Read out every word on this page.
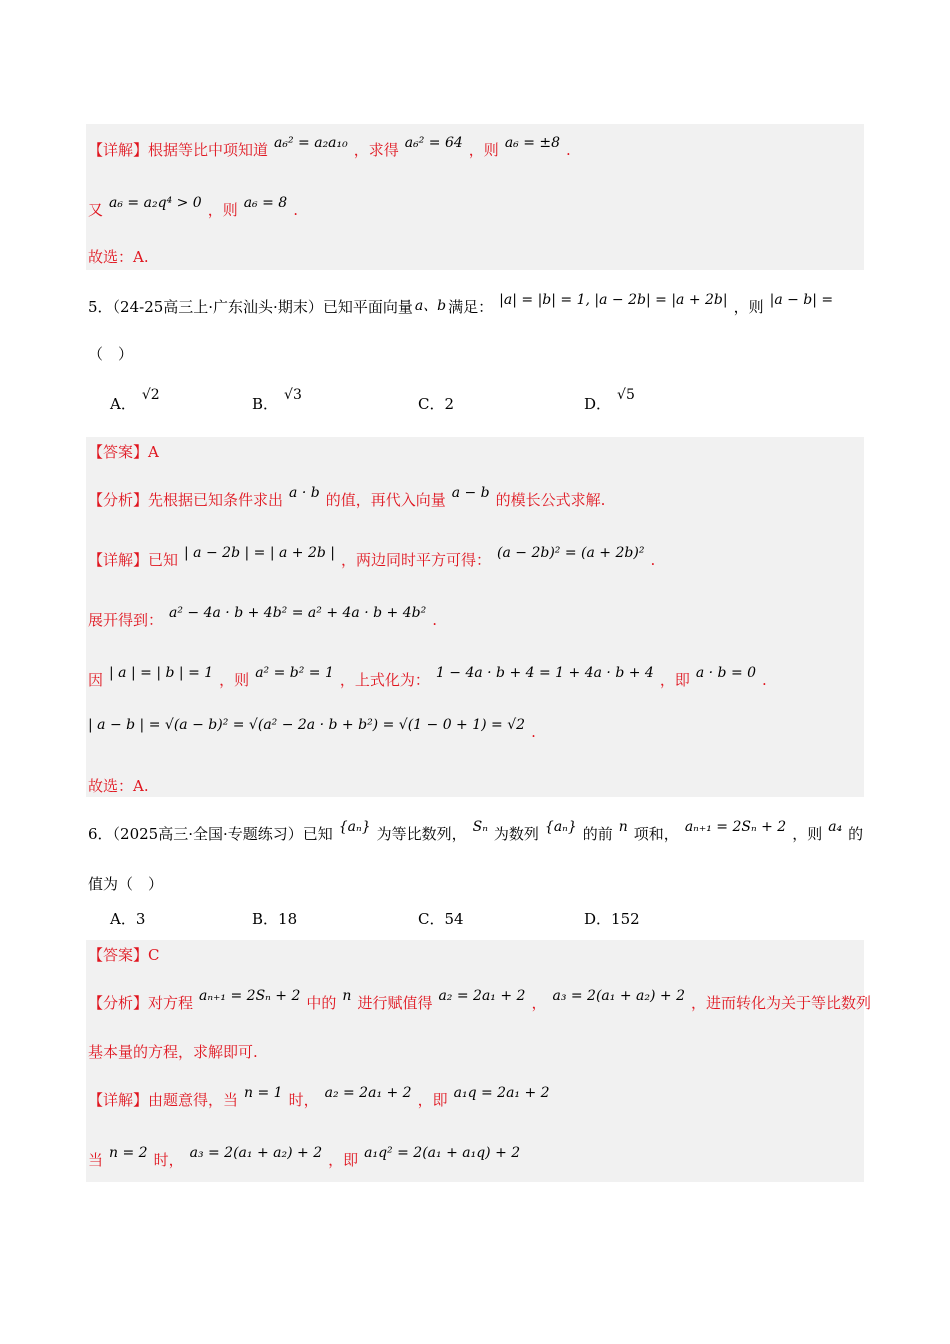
【详解】根据等比中项知道 a₆² = a₂a₁₀ ，求得 a₆² = 64 ，则 a₆ = ±8 .
又 a₆ = a₂q⁴ > 0 ，则 a₆ = 8 .
故选：A.
5．（24-25高三上·广东汕头·期末）已知平面向量 a、b 满足： |a| = |b| = 1, |a − 2b| = |a + 2b| ，则 |a − b| =
（　）
A． √2	B． √3	C．2	D． √5
【答案】A
【分析】先根据已知条件求出 a · b 的值，再代入向量 a − b 的模长公式求解.
【详解】已知 | a − 2b | = | a + 2b | ，两边同时平方可得： (a − 2b)² = (a + 2b)² .
展开得到： a² − 4a · b + 4b² = a² + 4a · b + 4b² .
因 | a | = | b | = 1 ，则 a² = b² = 1 ，上式化为： 1 − 4a · b + 4 = 1 + 4a · b + 4 ，即 a · b = 0 .
| a − b | = √(a − b)² = √(a² − 2a · b + b²) = √(1 − 0 + 1) = √2 .
故选：A.
6．（2025高三·全国·专题练习）已知 {aₙ} 为等比数列， Sₙ 为数列 {aₙ} 的前 n 项和， aₙ₊₁ = 2Sₙ + 2 ，则 a₄ 的
值为（　）
A．3	B．18	C．54	D．152
【答案】C
【分析】对方程 aₙ₊₁ = 2Sₙ + 2 中的 n 进行赋值得 a₂ = 2a₁ + 2 ， a₃ = 2(a₁ + a₂) + 2 ，进而转化为关于等比数列
基本量的方程，求解即可.
【详解】由题意得，当 n = 1 时， a₂ = 2a₁ + 2 ，即 a₁q = 2a₁ + 2
当 n = 2 时， a₃ = 2(a₁ + a₂) + 2 ，即 a₁q² = 2(a₁ + a₁q) + 2
